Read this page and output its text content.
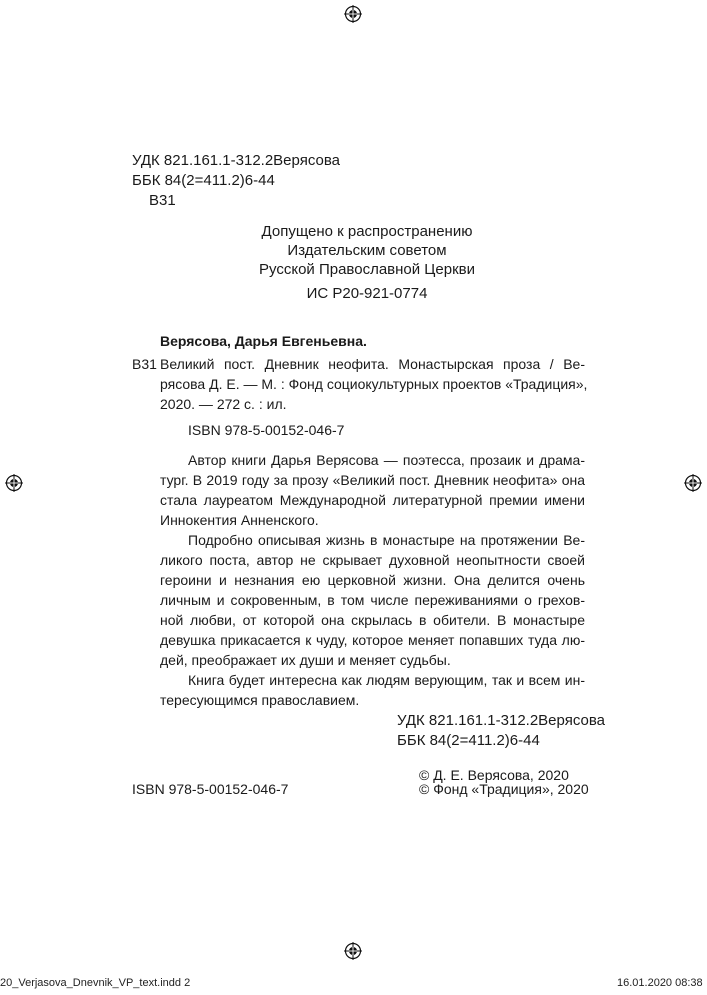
УДК 821.161.1-312.2Верясова
ББК 84(2=411.2)6-44
В31
Допущено к распространению
Издательским советом
Русской Православной Церкви
ИС Р20-921-0774
Верясова, Дарья Евгеньевна.
В31 Великий пост. Дневник неофита. Монастырская проза / Ве-
рясова Д. Е. — М. : Фонд социокультурных проектов «Традиция»,
2020. — 272 с. : ил.
ISBN 978-5-00152-046-7
Автор книги Дарья Верясова — поэтесса, прозаик и драма-
тург. В 2019 году за прозу «Великий пост. Дневник неофита» она
стала лауреатом Международной литературной премии имени
Иннокентия Анненского.
Подробно описывая жизнь в монастыре на протяжении Ве-
ликого поста, автор не скрывает духовной неопытности своей
героини и незнания ею церковной жизни. Она делится очень
личным и сокровенным, в том числе переживаниями о грехов-
ной любви, от которой она скрылась в обители. В монастыре
девушка прикасается к чуду, которое меняет попавших туда лю-
дей, преображает их души и меняет судьбы.
Книга будет интересна как людям верующим, так и всем ин-
тересующимся православием.
УДК 821.161.1-312.2Верясова
ББК 84(2=411.2)6-44
© Д. Е. Верясова, 2020
ISBN 978-5-00152-046-7	© Фонд «Традиция», 2020
20_Verjasova_Dnevnik_VP_text.indd 2	16.01.2020 08:38
